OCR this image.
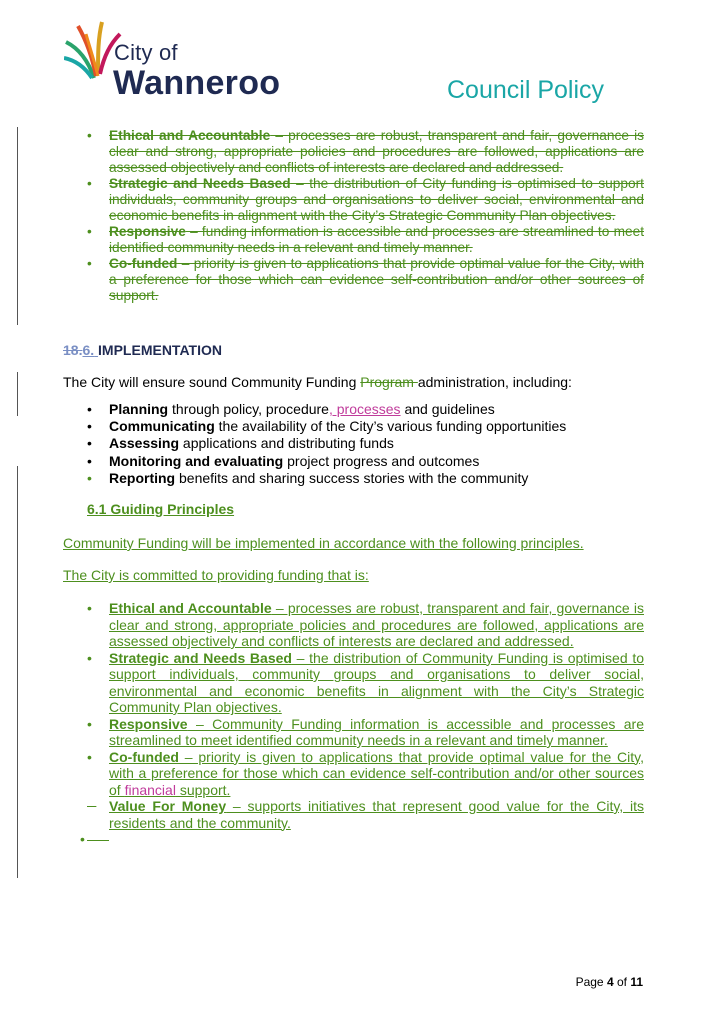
City of
Wanneroo	Council Policy
• Ethical and Accountable – processes are robust, transparent and fair, governance is clear and strong, appropriate policies and procedures are followed, applications are assessed objectively and conflicts of interests are declared and addressed.
• Strategic and Needs Based – the distribution of City funding is optimised to support individuals, community groups and organisations to deliver social, environmental and economic benefits in alignment with the City’s Strategic Community Plan objectives.
• Responsive – funding information is accessible and processes are streamlined to meet identified community needs in a relevant and timely manner.
• Co-funded – priority is given to applications that provide optimal value for the City, with a preference for those which can evidence self-contribution and/or other sources of support.
18.6. IMPLEMENTATION
The City will ensure sound Community Funding Program administration, including:
• Planning through policy, procedure, processes and guidelines
• Communicating the availability of the City’s various funding opportunities
• Assessing applications and distributing funds
• Monitoring and evaluating project progress and outcomes
• Reporting benefits and sharing success stories with the community
6.1 Guiding Principles
Community Funding will be implemented in accordance with the following principles.
The City is committed to providing funding that is:
• Ethical and Accountable – processes are robust, transparent and fair, governance is clear and strong, appropriate policies and procedures are followed, applications are assessed objectively and conflicts of interests are declared and addressed.
• Strategic and Needs Based – the distribution of Community Funding is optimised to support individuals, community groups and organisations to deliver social, environmental and economic benefits in alignment with the City’s Strategic Community Plan objectives.
• Responsive – Community Funding information is accessible and processes are streamlined to meet identified community needs in a relevant and timely manner.
• Co-funded – priority is given to applications that provide optimal value for the City, with a preference for those which can evidence self-contribution and/or other sources of financial support.

Value For Money – supports initiatives that represent good value for the City, its residents and the community.
•

Page 4 of 11
